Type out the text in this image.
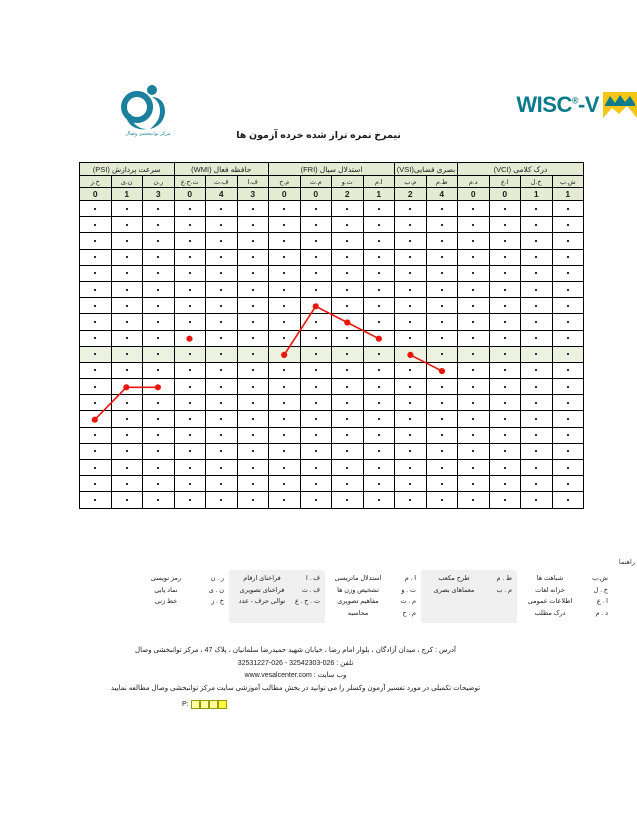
مرکز توانبخشی وصال
WISC®-V
نیمرخ نمره تراز شده خرده آزمون ها
درک کلامی (VCI)				بصری فضایی(VSI)		استدلال سیال (FRI)				حافظه فعال (WMI)			سرعت پردازش (PSI)		
ش.ب	خ.ل	ا.ع	د.م	ط.م	م.ب	ا.م	ت.و	م.ت	م.ح	ف.ا	ف.ت	ت.ح.ع	ر.ن	ن.ی	خ.ز
1	1	0	0	4	2	1	2	0	0	3	4	0	3	1	0

راهنما
ش.ب
شباهت ها
خ . ل
خزانه لغات
ا . ع
اطلاعات عمومی
د . م
درک مطلب
ط . م
طرح مکعب
م . ب
معماهای بصری
ا . م
استدلال ماتریسی
ت . و
تشخیص وزن ها
م . ت
مفاهیم تصویری
م . ح
محاسبه
ف . ا
فراخنای ارقام
ف . ت
فراخنای تصویری
ت . ح . ع
توالی حرف - عدد
ر . ن
رمز نویسی
ن . ی
نماد یابی
خ . ز
خط زنی
آدرس : کرج ، میدان آزادگان ، بلوار امام رضا ، خیابان شهید حمیدرضا سلمانیان ، پلاک 47 ، مرکز توانبخشی وصال
تلفن : 026-32542303 - 026-32531227
وب سایت : www.vesalcenter.com
توضیحات تکمیلی در مورد تفسیر آزمون وکسلر را می توانید در بخش مطالب آموزشی سایت مرکز توانبخشی وصال مطالعه نمایید
P:
